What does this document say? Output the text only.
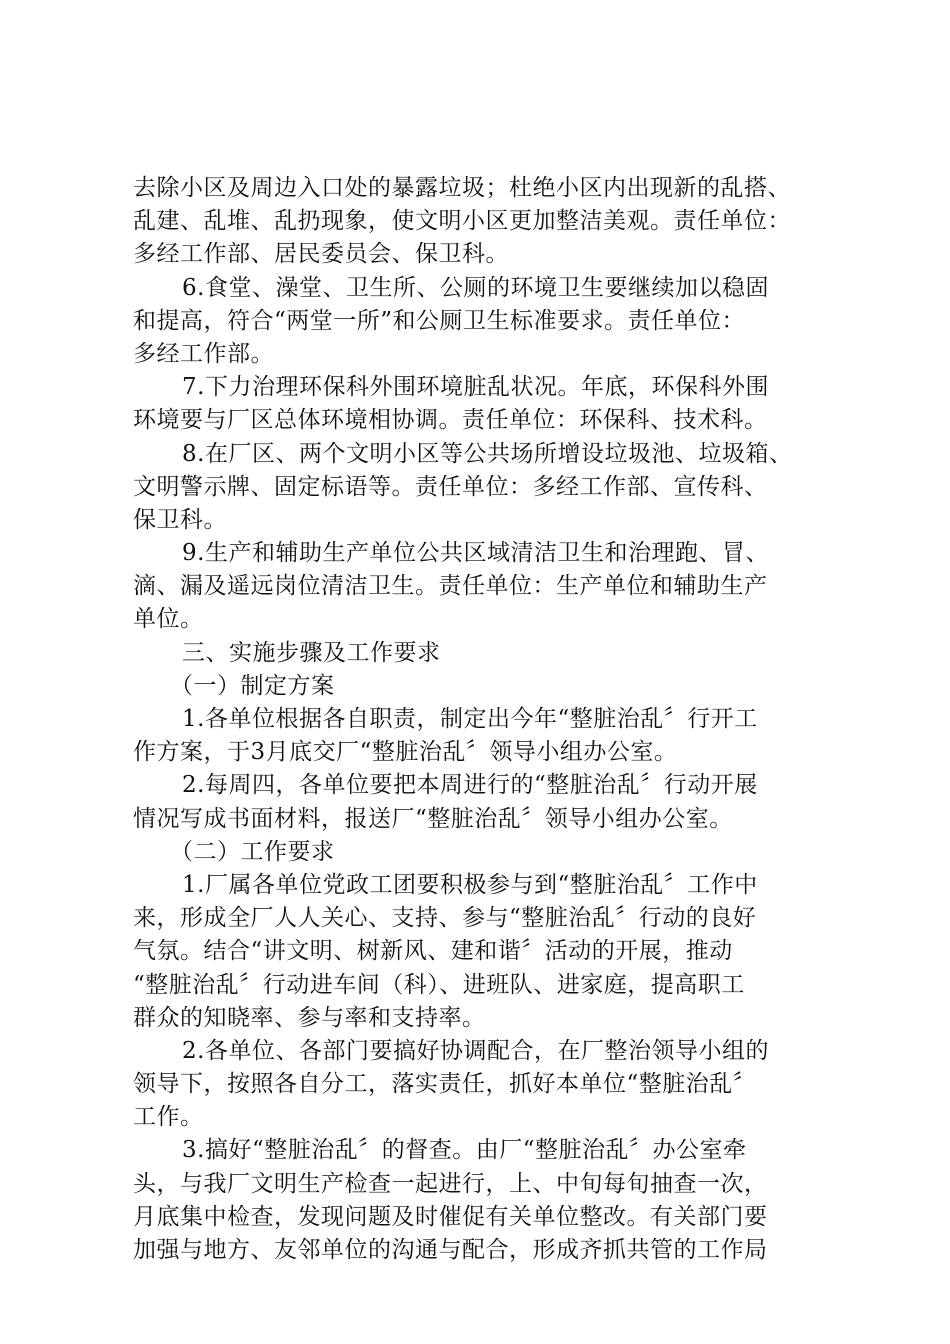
去除小区及周边入口处的暴露垃圾；杜绝小区内出现新的乱搭、
乱建、乱堆、乱扔现象，使文明小区更加整洁美观。责任单位：
多经工作部、居民委员会、保卫科。
6.食堂、澡堂、卫生所、公厕的环境卫生要继续加以稳固
和提高，符合“两堂一所”和公厕卫生标准要求。责任单位：
多经工作部。
7.下力治理环保科外围环境脏乱状况。年底，环保科外围
环境要与厂区总体环境相协调。责任单位：环保科、技术科。
8.在厂区、两个文明小区等公共场所增设垃圾池、垃圾箱、
文明警示牌、固定标语等。责任单位：多经工作部、宣传科、
保卫科。
9.生产和辅助生产单位公共区域清洁卫生和治理跑、冒、
滴、漏及遥远岗位清洁卫生。责任单位：生产单位和辅助生产
单位。
三、实施步骤及工作要求
（一）制定方案
1.各单位根据各自职责，制定出今年“整脏治乱〞行开工
作方案，于3月底交厂“整脏治乱〞领导小组办公室。
2.每周四，各单位要把本周进行的“整脏治乱〞行动开展
情况写成书面材料，报送厂“整脏治乱〞领导小组办公室。
（二）工作要求
1.厂属各单位党政工团要积极参与到“整脏治乱〞工作中
来，形成全厂人人关心、支持、参与“整脏治乱〞行动的良好
气氛。结合“讲文明、树新风、建和谐〞活动的开展，推动
“整脏治乱〞行动进车间（科）、进班队、进家庭，提高职工
群众的知晓率、参与率和支持率。
2.各单位、各部门要搞好协调配合，在厂整治领导小组的
领导下，按照各自分工，落实责任，抓好本单位“整脏治乱〞
工作。
3.搞好“整脏治乱〞的督查。由厂“整脏治乱〞办公室牵
头，与我厂文明生产检查一起进行，上、中旬每旬抽查一次，
月底集中检查，发现问题及时催促有关单位整改。有关部门要
加强与地方、友邻单位的沟通与配合，形成齐抓共管的工作局
